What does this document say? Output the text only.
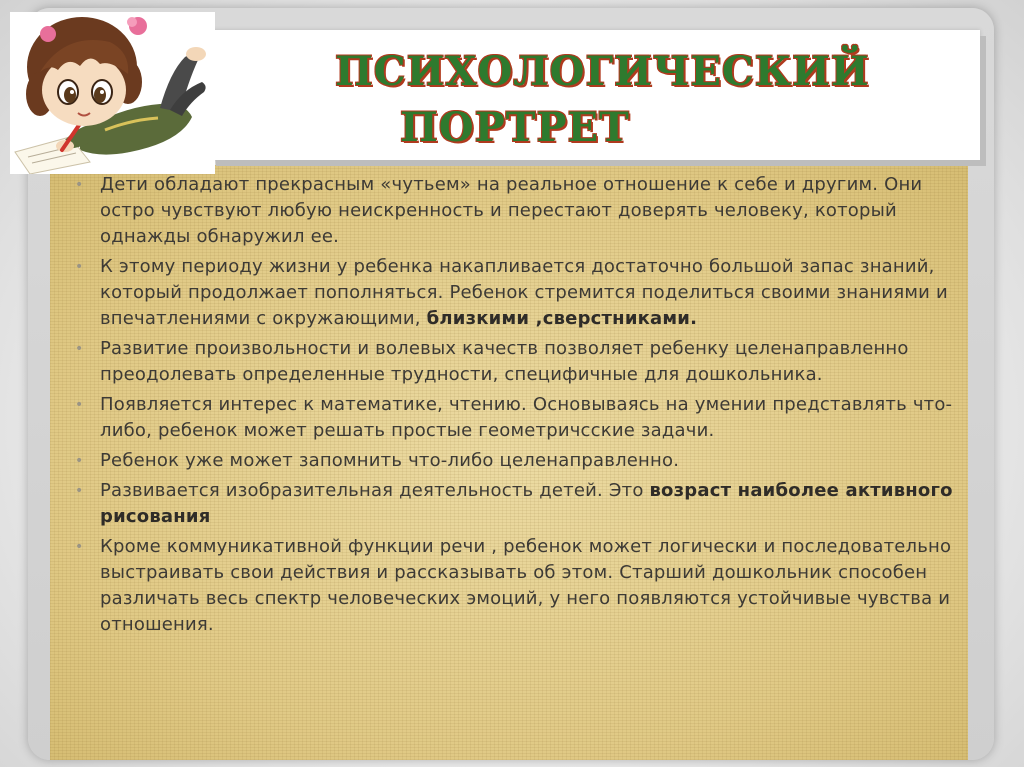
ПСИХОЛОГИЧЕСКИЙ
ПОРТРЕТ
• Дети обладают прекрасным «чутьем» на реальное отношение к себе и другим. Они остро чувствуют любую неискренность и перестают доверять человеку, который однажды обнаружил ее.
• К этому периоду жизни у ребенка накапливается достаточно большой запас знаний, который продолжает пополняться. Ребенок стремится поделиться своими знаниями и впечатлениями с окружающими, близкими ,сверстниками.
• Развитие произвольности и волевых качеств позволяет ребенку целенаправленно преодолевать определенные трудности, специфичные для дошкольника.
• Появляется интерес к математике, чтению. Основываясь на умении представлять что-либо, ребенок может решать простые геометричсские задачи.
• Ребенок уже может запомнить что-либо целенаправленно.
• Развивается изобразительная деятельность детей. Это возраст наиболее активного рисования
• Кроме коммуникативной функции речи , ребенок может логически и последовательно выстраивать свои действия и рассказывать об этом. Старший дошкольник способен различать весь спектр человеческих эмоций, у него появляются устойчивые чувства и отношения.
